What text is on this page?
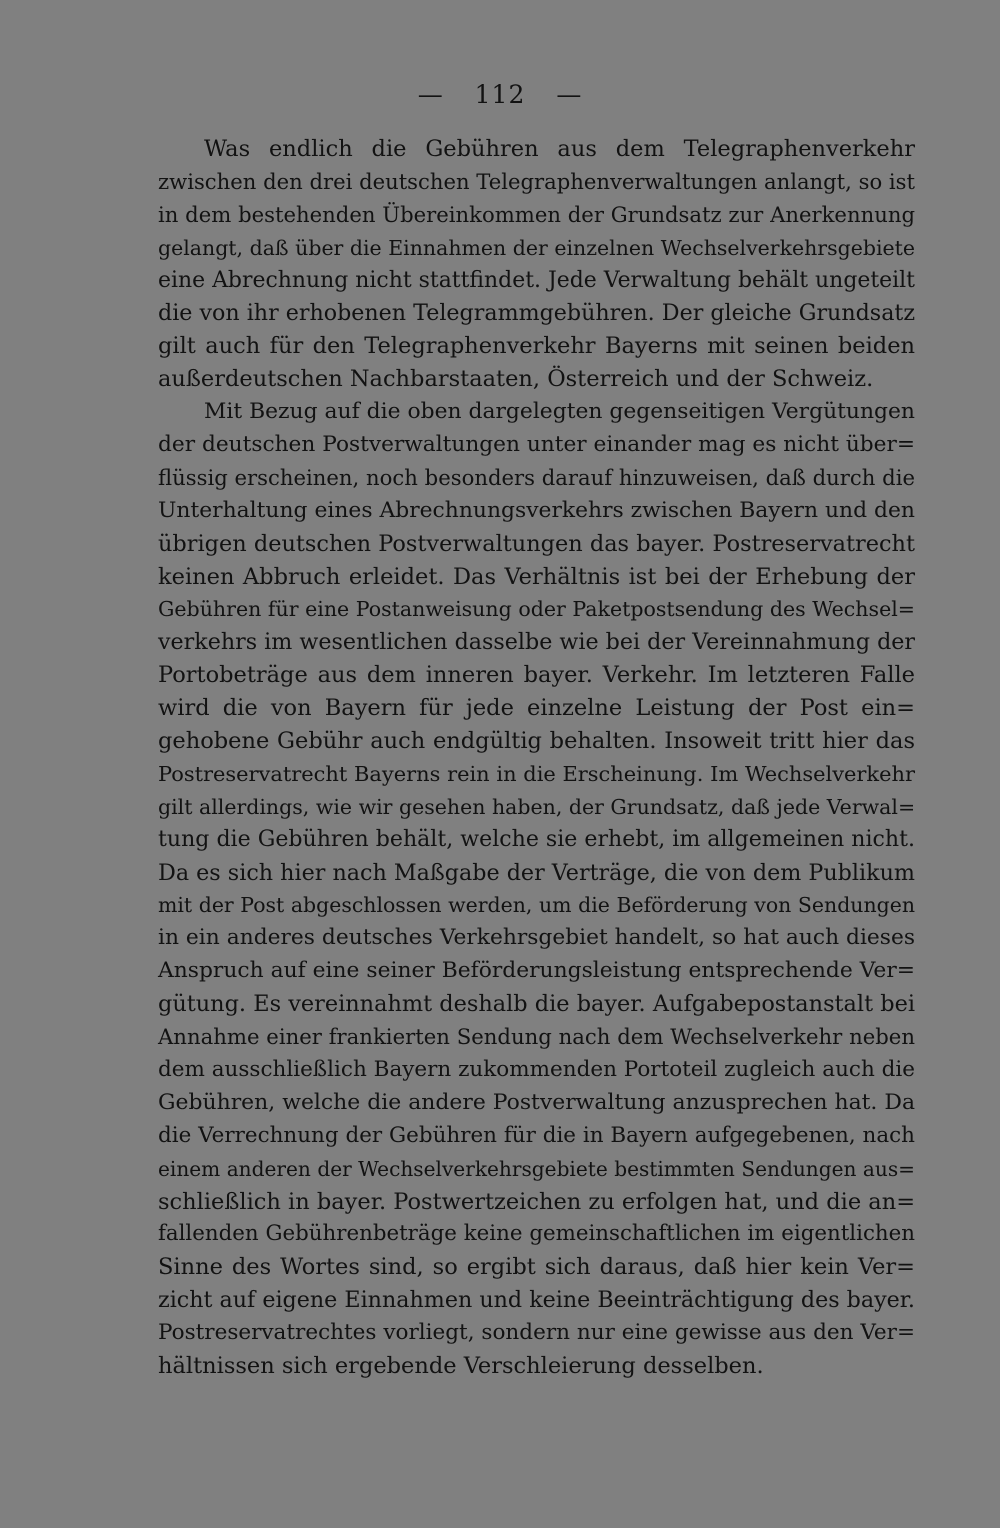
— 112 —
Was endlich die Gebühren aus dem Telegraphenverkehr
zwischen den drei deutschen Telegraphenverwaltungen anlangt, so ist
in dem bestehenden Übereinkommen der Grundsatz zur Anerkennung
gelangt, daß über die Einnahmen der einzelnen Wechselverkehrsgebiete
eine Abrechnung nicht stattfindet. Jede Verwaltung behält ungeteilt
die von ihr erhobenen Telegrammgebühren. Der gleiche Grundsatz
gilt auch für den Telegraphenverkehr Bayerns mit seinen beiden
außerdeutschen Nachbarstaaten, Österreich und der Schweiz.
Mit Bezug auf die oben dargelegten gegenseitigen Vergütungen
der deutschen Postverwaltungen unter einander mag es nicht über=
flüssig erscheinen, noch besonders darauf hinzuweisen, daß durch die
Unterhaltung eines Abrechnungsverkehrs zwischen Bayern und den
übrigen deutschen Postverwaltungen das bayer. Postreservatrecht
keinen Abbruch erleidet. Das Verhältnis ist bei der Erhebung der
Gebühren für eine Postanweisung oder Paketpostsendung des Wechsel=
verkehrs im wesentlichen dasselbe wie bei der Vereinnahmung der
Portobeträge aus dem inneren bayer. Verkehr. Im letzteren Falle
wird die von Bayern für jede einzelne Leistung der Post ein=
gehobene Gebühr auch endgültig behalten. Insoweit tritt hier das
Postreservatrecht Bayerns rein in die Erscheinung. Im Wechselverkehr
gilt allerdings, wie wir gesehen haben, der Grundsatz, daß jede Verwal=
tung die Gebühren behält, welche sie erhebt, im allgemeinen nicht.
Da es sich hier nach Maßgabe der Verträge, die von dem Publikum
mit der Post abgeschlossen werden, um die Beförderung von Sendungen
in ein anderes deutsches Verkehrsgebiet handelt, so hat auch dieses
Anspruch auf eine seiner Beförderungsleistung entsprechende Ver=
gütung. Es vereinnahmt deshalb die bayer. Aufgabepostanstalt bei
Annahme einer frankierten Sendung nach dem Wechselverkehr neben
dem ausschließlich Bayern zukommenden Portoteil zugleich auch die
Gebühren, welche die andere Postverwaltung anzusprechen hat. Da
die Verrechnung der Gebühren für die in Bayern aufgegebenen, nach
einem anderen der Wechselverkehrsgebiete bestimmten Sendungen aus=
schließlich in bayer. Postwertzeichen zu erfolgen hat, und die an=
fallenden Gebührenbeträge keine gemeinschaftlichen im eigentlichen
Sinne des Wortes sind, so ergibt sich daraus, daß hier kein Ver=
zicht auf eigene Einnahmen und keine Beeinträchtigung des bayer.
Postreservatrechtes vorliegt, sondern nur eine gewisse aus den Ver=
hältnissen sich ergebende Verschleierung desselben.
